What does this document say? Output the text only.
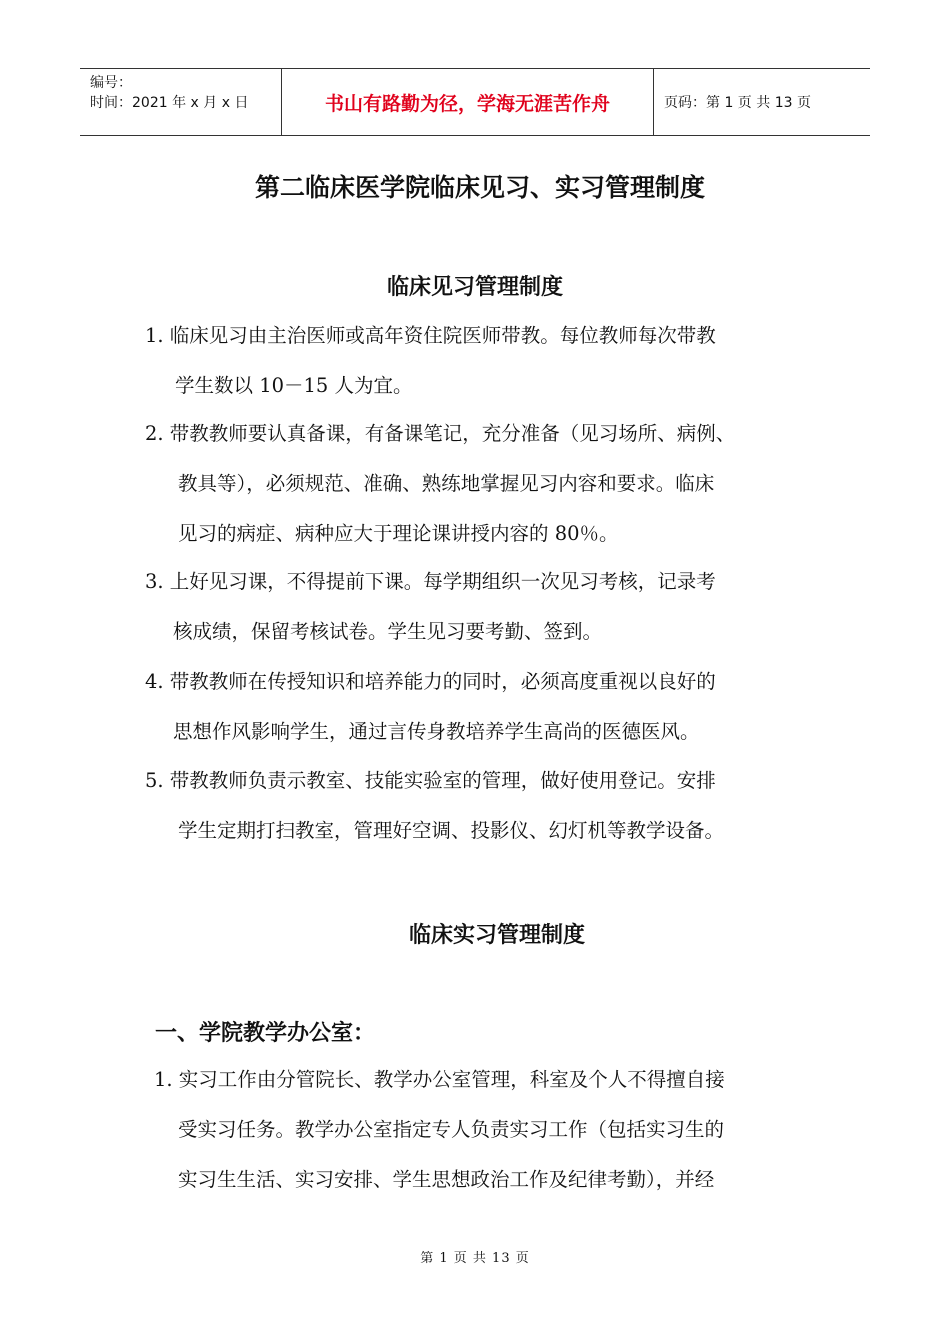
编号：
时间：2021 年 x 月 x 日	书山有路勤为径，学海无涯苦作舟	页码：第 1 页 共 13 页
第二临床医学院临床见习、实习管理制度
临床见习管理制度
1. 临床见习由主治医师或高年资住院医师带教。每位教师每次带教
学生数以 10－15 人为宜。
2. 带教教师要认真备课，有备课笔记，充分准备（见习场所、病例、
教具等），必须规范、准确、熟练地掌握见习内容和要求。临床
见习的病症、病种应大于理论课讲授内容的 80％。
3. 上好见习课，不得提前下课。每学期组织一次见习考核，记录考
核成绩，保留考核试卷。学生见习要考勤、签到。
4. 带教教师在传授知识和培养能力的同时，必须高度重视以良好的
思想作风影响学生，通过言传身教培养学生高尚的医德医风。
5. 带教教师负责示教室、技能实验室的管理，做好使用登记。安排
学生定期打扫教室，管理好空调、投影仪、幻灯机等教学设备。
临床实习管理制度
一、学院教学办公室：
1. 实习工作由分管院长、教学办公室管理，科室及个人不得擅自接
受实习任务。教学办公室指定专人负责实习工作（包括实习生的
实习生生活、实习安排、学生思想政治工作及纪律考勤），并经
第 1 页 共 13 页
